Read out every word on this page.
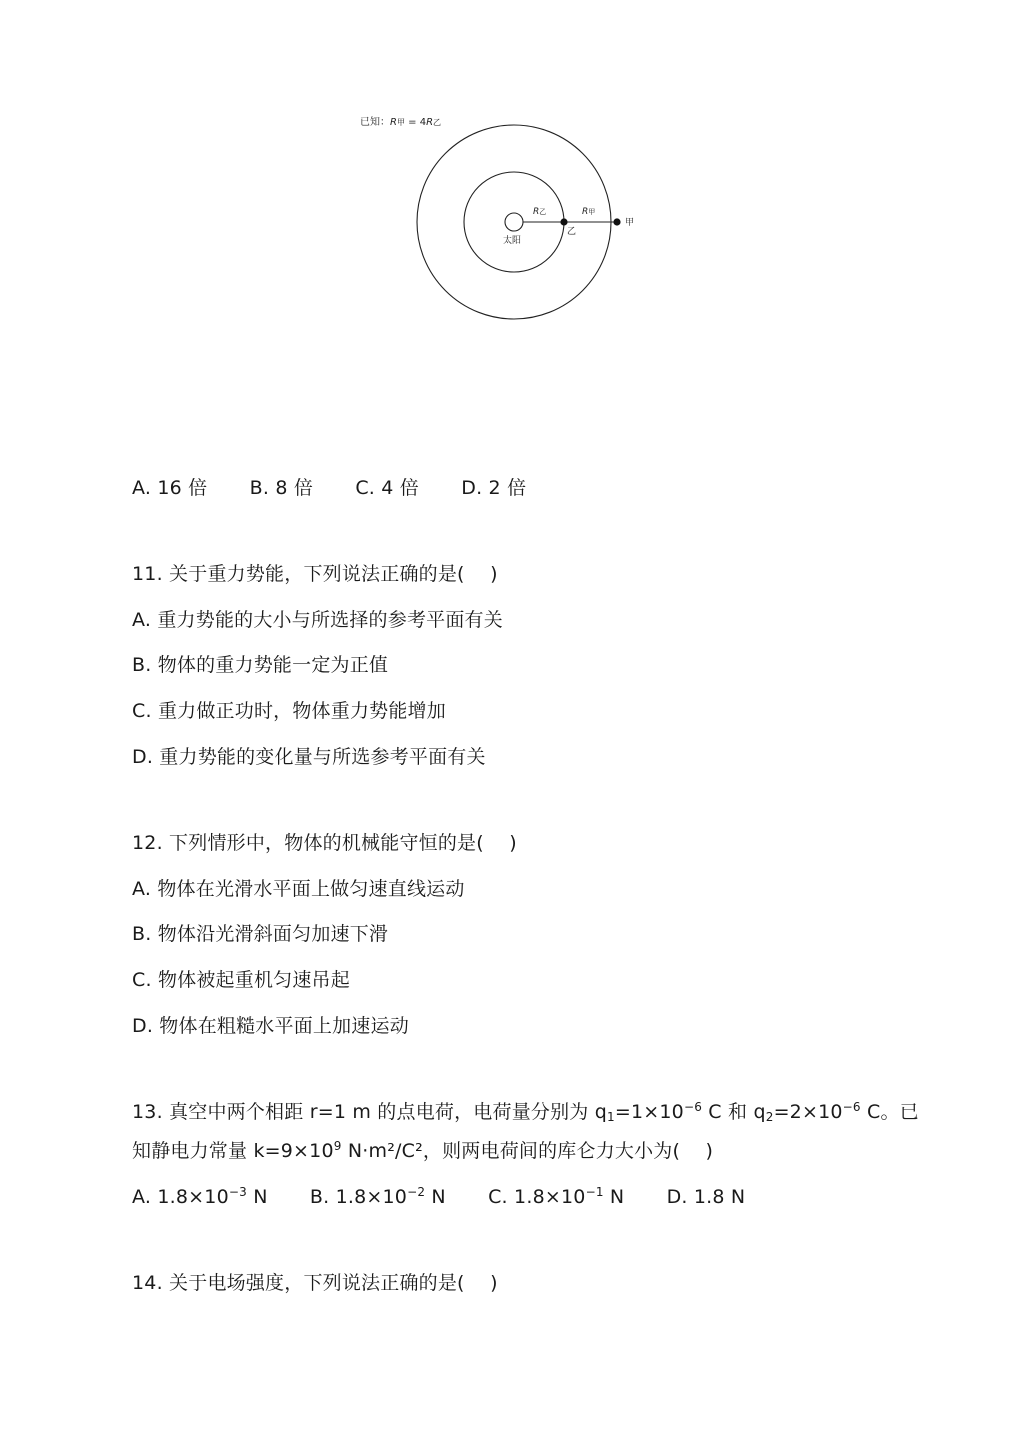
已知：R甲 = 4R乙
R乙	R甲
太阳
乙
甲
A. 16 倍 B. 8 倍 C. 4 倍 D. 2 倍
11. 关于重力势能，下列说法正确的是(　 )
A. 重力势能的大小与所选择的参考平面有关
B. 物体的重力势能一定为正值
C. 重力做正功时，物体重力势能增加
D. 重力势能的变化量与所选参考平面有关
12. 下列情形中，物体的机械能守恒的是(　 )
A. 物体在光滑水平面上做匀速直线运动
B. 物体沿光滑斜面匀加速下滑
C. 物体被起重机匀速吊起
D. 物体在粗糙水平面上加速运动
13. 真空中两个相距 r=1 m 的点电荷，电荷量分别为 $q_1=1\times 10^{-6}$ C 和 $q_2=2\times 10^{-6}$ C。已
知静电力常量 $k=9\times 10^9$ N·m²/C²，则两电荷间的库仑力大小为(　 )
A. $1.8\times 10^{-3}$ N B. $1.8\times 10^{-2}$ N C. $1.8\times 10^{-1}$ N D. 1.8 N
14. 关于电场强度，下列说法正确的是(　 )
